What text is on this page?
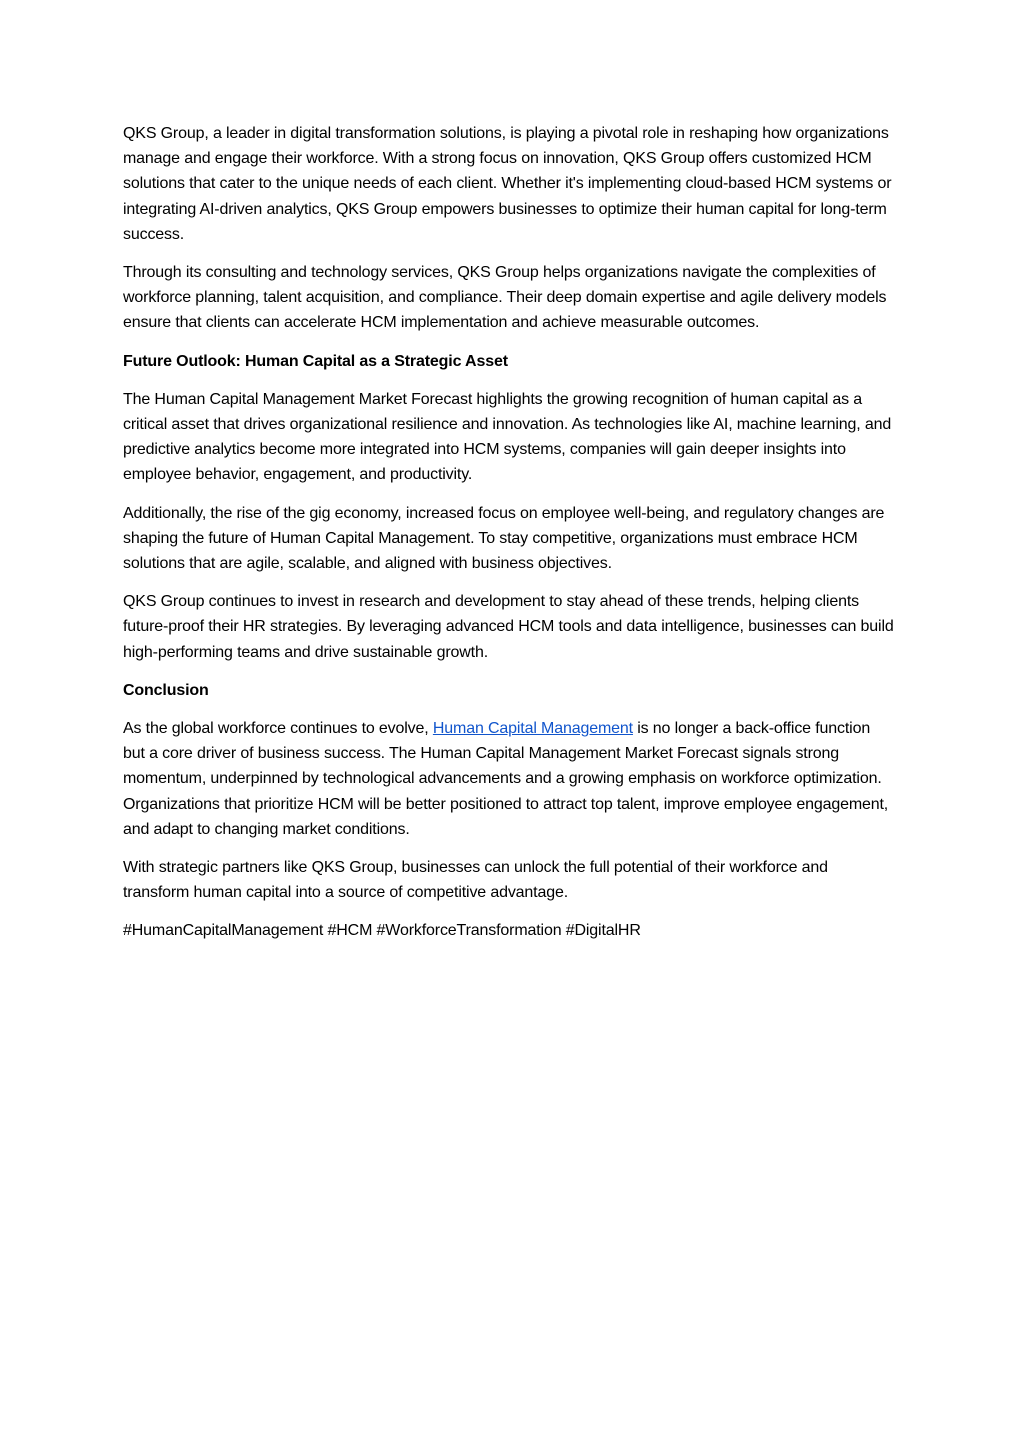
QKS Group, a leader in digital transformation solutions, is playing a pivotal role in reshaping how organizations manage and engage their workforce. With a strong focus on innovation, QKS Group offers customized HCM solutions that cater to the unique needs of each client. Whether it's implementing cloud-based HCM systems or integrating AI-driven analytics, QKS Group empowers businesses to optimize their human capital for long-term success.

Through its consulting and technology services, QKS Group helps organizations navigate the complexities of workforce planning, talent acquisition, and compliance. Their deep domain expertise and agile delivery models ensure that clients can accelerate HCM implementation and achieve measurable outcomes.

Future Outlook: Human Capital as a Strategic Asset

The Human Capital Management Market Forecast highlights the growing recognition of human capital as a critical asset that drives organizational resilience and innovation. As technologies like AI, machine learning, and predictive analytics become more integrated into HCM systems, companies will gain deeper insights into employee behavior, engagement, and productivity.

Additionally, the rise of the gig economy, increased focus on employee well-being, and regulatory changes are shaping the future of Human Capital Management. To stay competitive, organizations must embrace HCM solutions that are agile, scalable, and aligned with business objectives.

QKS Group continues to invest in research and development to stay ahead of these trends, helping clients future-proof their HR strategies. By leveraging advanced HCM tools and data intelligence, businesses can build high-performing teams and drive sustainable growth.

Conclusion

As the global workforce continues to evolve, Human Capital Management is no longer a back-office function but a core driver of business success. The Human Capital Management Market Forecast signals strong momentum, underpinned by technological advancements and a growing emphasis on workforce optimization. Organizations that prioritize HCM will be better positioned to attract top talent, improve employee engagement, and adapt to changing market conditions.

With strategic partners like QKS Group, businesses can unlock the full potential of their workforce and transform human capital into a source of competitive advantage.

#HumanCapitalManagement #HCM #WorkforceTransformation #DigitalHR
